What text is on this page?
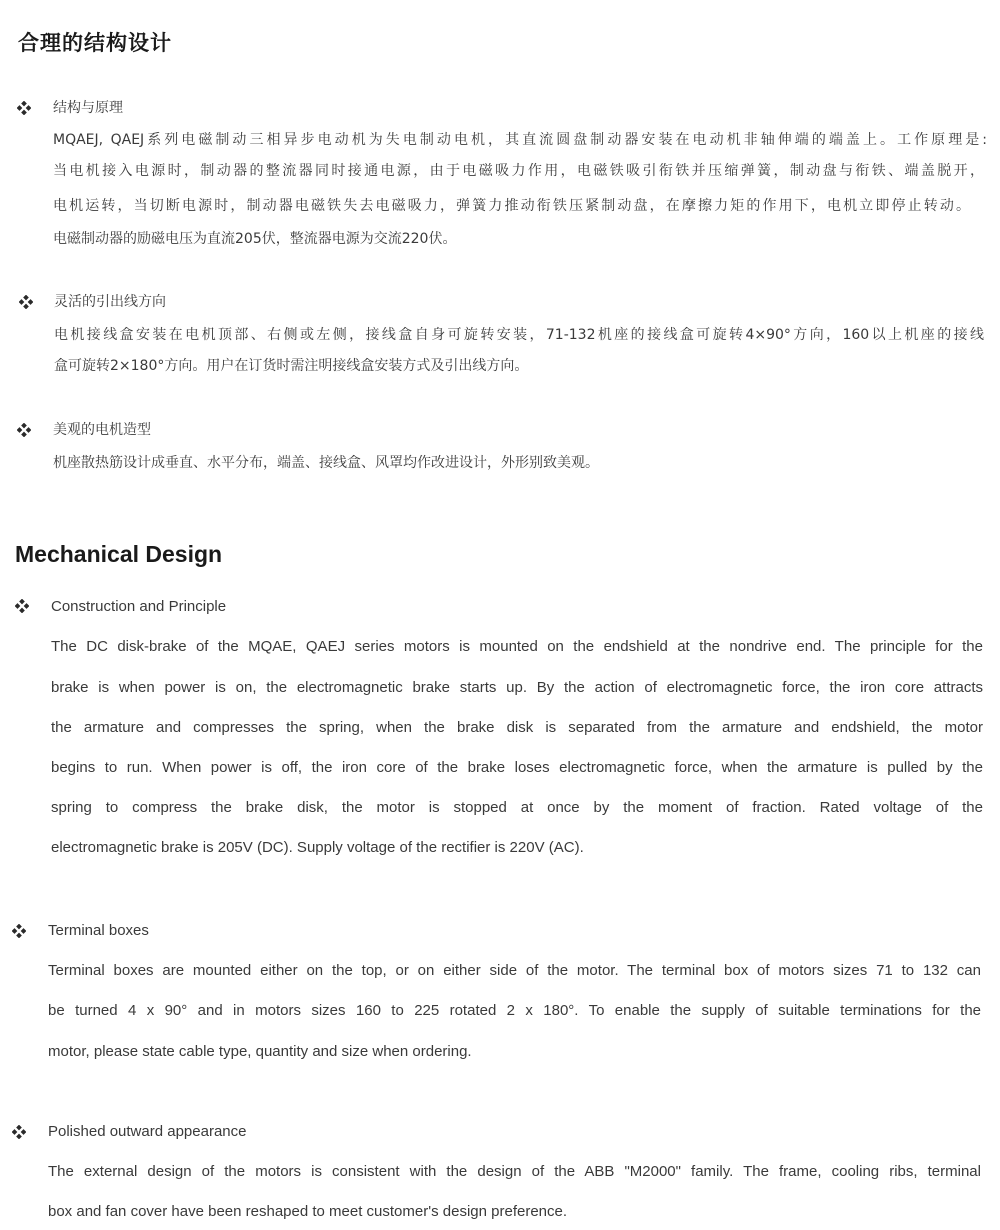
合理的结构设计
结构与原理
MQAEJ, QAEJ系列电磁制动三相异步电动机为失电制动电机，其直流圆盘制动器安装在电动机非轴伸端的端盖上。工作原理是:
当电机接入电源时，制动器的整流器同时接通电源，由于电磁吸力作用，电磁铁吸引衔铁并压缩弹簧，制动盘与衔铁、端盖脱开，
电机运转，当切断电源时，制动器电磁铁失去电磁吸力，弹簧力推动衔铁压紧制动盘，在摩擦力矩的作用下，电机立即停止转动。
电磁制动器的励磁电压为直流205伏，整流器电源为交流220伏。
灵活的引出线方向
电机接线盒安装在电机顶部、右侧或左侧，接线盒自身可旋转安装，71-132机座的接线盒可旋转4×90°方向，160以上机座的接线
盒可旋转2×180°方向。用户在订货时需注明接线盒安装方式及引出线方向。
美观的电机造型
机座散热筋设计成垂直、水平分布，端盖、接线盒、风罩均作改进设计，外形别致美观。
Mechanical Design
Construction and Principle
The DC disk-brake of the MQAE, QAEJ series motors is mounted on the endshield at the nondrive end. The principle for the
brake is when power is on, the electromagnetic brake starts up. By the action of electromagnetic force, the iron core attracts
the armature and compresses the spring, when the brake disk is separated from the armature and endshield, the motor
begins to run. When power is off, the iron core of the brake loses electromagnetic force, when the armature is pulled by the
spring to compress the brake disk, the motor is stopped at once by the moment of fraction. Rated voltage of the
electromagnetic brake is 205V (DC). Supply voltage of the rectifier is 220V (AC).
Terminal boxes
Terminal boxes are mounted either on the top, or on either side of the motor. The terminal box of motors sizes 71 to 132 can
be turned 4 x 90° and in motors sizes 160 to 225 rotated 2 x 180°. To enable the supply of suitable terminations for the
motor, please state cable type, quantity and size when ordering.
Polished outward appearance
The external design of the motors is consistent with the design of the ABB "M2000" family. The frame, cooling ribs, terminal
box and fan cover have been reshaped to meet customer's design preference.
